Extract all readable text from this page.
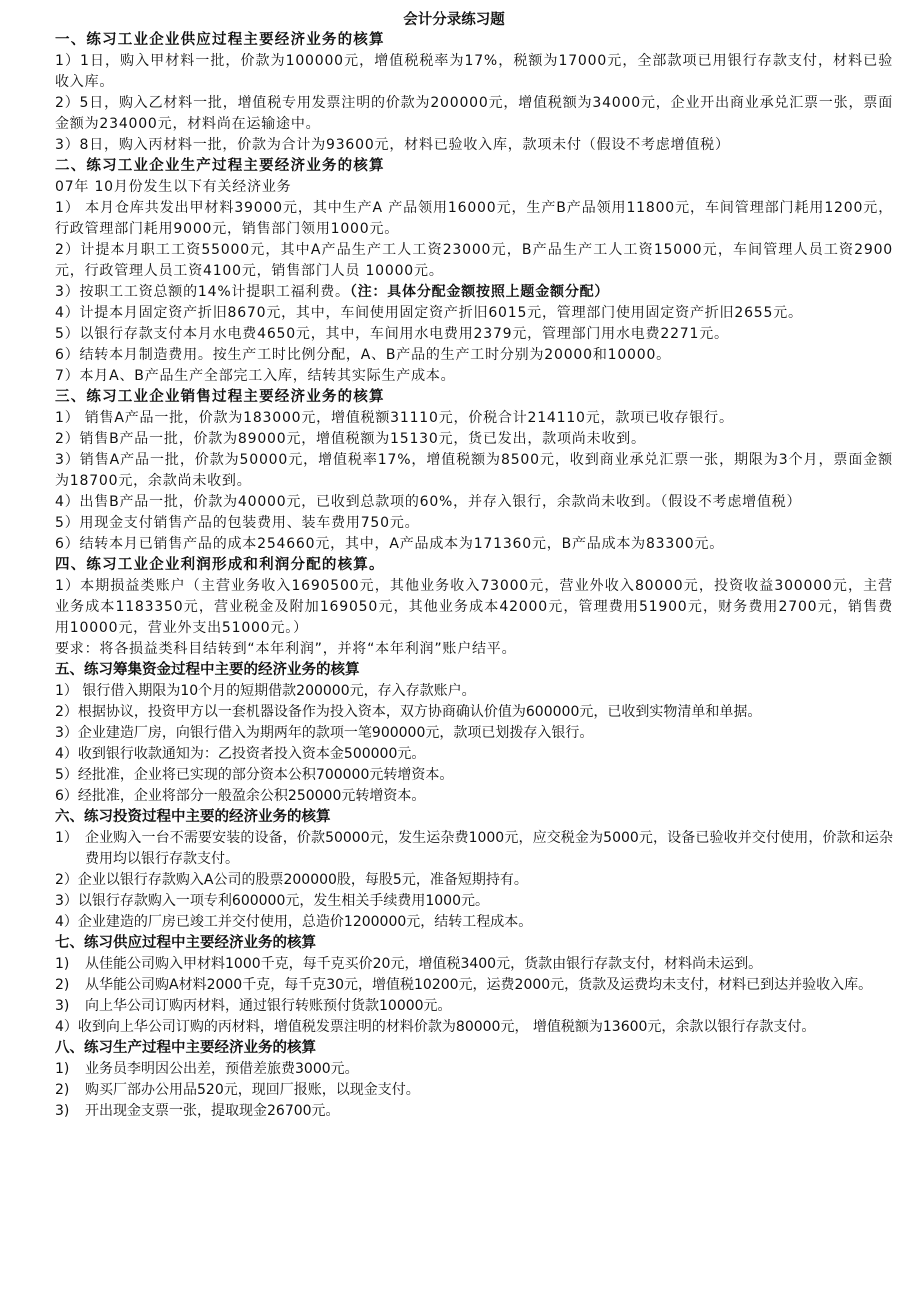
会计分录练习题
一、练习工业企业供应过程主要经济业务的核算
1）1日，购入甲材料一批，价款为100000元，增值税税率为17%，税额为17000元，全部款项已用银行存款支付，材料已验收入库。
2）5日，购入乙材料一批，增值税专用发票注明的价款为200000元，增值税额为34000元，企业开出商业承兑汇票一张，票面金额为234000元，材料尚在运输途中。
3）8日，购入丙材料一批，价款为合计为93600元，材料已验收入库，款项未付（假设不考虑增值税）
二、练习工业企业生产过程主要经济业务的核算
07年 10月份发生以下有关经济业务
1） 本月仓库共发出甲材料39000元，其中生产A 产品领用16000元，生产B产品领用11800元，车间管理部门耗用1200元，行政管理部门耗用9000元，销售部门领用1000元。
2）计提本月职工工资55000元，其中A产品生产工人工资23000元，B产品生产工人工资15000元，车间管理人员工资2900元，行政管理人员工资4100元，销售部门人员 10000元。
3）按职工工资总额的14%计提职工福利费。（注：具体分配金额按照上题金额分配）
4）计提本月固定资产折旧8670元，其中，车间使用固定资产折旧6015元，管理部门使用固定资产折旧2655元。
5）以银行存款支付本月水电费4650元，其中，车间用水电费用2379元，管理部门用水电费2271元。
6）结转本月制造费用。按生产工时比例分配，A、B产品的生产工时分别为20000和10000。
7）本月A、B产品生产全部完工入库，结转其实际生产成本。
三、练习工业企业销售过程主要经济业务的核算
1） 销售A产品一批，价款为183000元，增值税额31110元，价税合计214110元，款项已收存银行。
2）销售B产品一批，价款为89000元，增值税额为15130元，货已发出，款项尚未收到。
3）销售A产品一批，价款为50000元，增值税率17%，增值税额为8500元，收到商业承兑汇票一张，期限为3个月，票面金额为18700元，余款尚未收到。
4）出售B产品一批，价款为40000元，已收到总款项的60%，并存入银行，余款尚未收到。（假设不考虑增值税）
5）用现金支付销售产品的包装费用、装车费用750元。
6）结转本月已销售产品的成本254660元，其中，A产品成本为171360元，B产品成本为83300元。
四、练习工业企业利润形成和利润分配的核算。
1）本期损益类账户（主营业务收入1690500元，其他业务收入73000元，营业外收入80000元，投资收益300000元，主营业务成本1183350元，营业税金及附加169050元，其他业务成本42000元，管理费用51900元，财务费用2700元，销售费用10000元，营业外支出51000元。）
要求：将各损益类科目结转到“本年利润”，并将“本年利润”账户结平。
五、练习筹集资金过程中主要的经济业务的核算
1） 银行借入期限为10个月的短期借款200000元，存入存款账户。
2）根据协议，投资甲方以一套机器设备作为投入资本，双方协商确认价值为600000元，已收到实物清单和单据。
3）企业建造厂房，向银行借入为期两年的款项一笔900000元，款项已划拨存入银行。
4）收到银行收款通知为：乙投资者投入资本金500000元。
5）经批准，企业将已实现的部分资本公积700000元转增资本。
6）经批准，企业将部分一般盈余公积250000元转增资本。
六、练习投资过程中主要的经济业务的核算
1） 企业购入一台不需要安装的设备，价款50000元，发生运杂费1000元，应交税金为5000元，设备已验收并交付使用，价款和运杂费用均以银行存款支付。
2）企业以银行存款购入A公司的股票200000股，每股5元，准备短期持有。
3）以银行存款购入一项专利600000元，发生相关手续费用1000元。
4）企业建造的厂房已竣工并交付使用，总造价1200000元，结转工程成本。
七、练习供应过程中主要经济业务的核算
1)	从佳能公司购入甲材料1000千克，每千克买价20元，增值税3400元，货款由银行存款支付，材料尚未运到。
2)	从华能公司购A材料2000千克，每千克30元，增值税10200元，运费2000元，货款及运费均未支付，材料已到达并验收入库。
3)	向上华公司订购丙材料，通过银行转账预付货款10000元。
4）收到向上华公司订购的丙材料，增值税发票注明的材料价款为80000元， 增值税额为13600元，余款以银行存款支付。
八、练习生产过程中主要经济业务的核算
1)	业务员李明因公出差，预借差旅费3000元。
2)	购买厂部办公用品520元，现回厂报账，以现金支付。
3)	开出现金支票一张，提取现金26700元。
